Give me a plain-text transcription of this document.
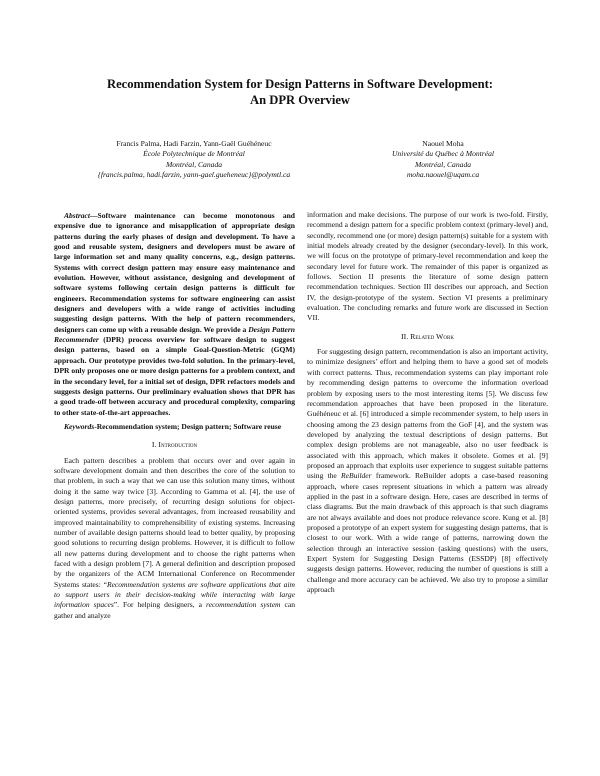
Recommendation System for Design Patterns in Software Development:
An DPR Overview
Francis Palma, Hadi Farzin, Yann-Gaël Guéhéneuc
École Polytechnique de Montréal
Montréal, Canada
{francis.palma, hadi.farzin, yann-gael.gueheneuc}@polymtl.ca
Naouel Moha
Université du Québec à Montréal
Montréal, Canada
moha.naouel@uqam.ca

Abstract—Software maintenance can become monotonous and expensive due to ignorance and misapplication of appropriate design patterns during the early phases of design and development. To have a good and reusable system, designers and developers must be aware of large information set and many quality concerns, e.g., design patterns. Systems with correct design pattern may ensure easy maintenance and evolution. However, without assistance, designing and development of software systems following certain design patterns is difficult for engineers. Recommendation systems for software engineering can assist designers and developers with a wide range of activities including suggesting design patterns. With the help of pattern recommenders, designers can come up with a reusable design. We provide a Design Pattern Recommender (DPR) process overview for software design to suggest design patterns, based on a simple Goal-Question-Metric (GQM) approach. Our prototype provides two-fold solution. In the primary-level, DPR only proposes one or more design patterns for a problem context, and in the secondary level, for a initial set of design, DPR refactors models and suggests design patterns. Our preliminary evaluation shows that DPR has a good trade-off between accuracy and procedural complexity, comparing to other state-of-the-art approaches.

Keywords-Recommendation system; Design pattern; Software reuse

I. Introduction

Each pattern describes a problem that occurs over and over again in software development domain and then describes the core of the solution to that problem, in such a way that we can use this solution many times, without doing it the same way twice [3]. According to Gamma et al. [4], the use of design patterns, more precisely, of recurring design solutions for object-oriented systems, provides several advantages, from increased reusability and improved maintainability to comprehensibility of existing systems. Increasing number of available design patterns should lead to better quality, by proposing good solutions to recurring design problems. However, it is difficult to follow all new patterns during development and to choose the right patterns when faced with a design problem [7]. A general definition and description proposed by the organizers of the ACM International Conference on Recommender Systems states: “Recommendation systems are software applications that aim to support users in their decision-making while interacting with large information spaces”. For helping designers, a recommendation system can gather and analyze

information and make decisions. The purpose of our work is two-fold. Firstly, recommend a design pattern for a specific problem context (primary-level) and, secondly, recommend one (or more) design pattern(s) suitable for a system with initial models already created by the designer (secondary-level). In this work, we will focus on the prototype of primary-level recommendation and keep the secondary level for future work. The remainder of this paper is organized as follows. Section II presents the literature of some design pattern recommendation techniques. Section III describes our approach, and Section IV, the design-prototype of the system. Section VI presents a preliminary evaluation. The concluding remarks and future work are discussed in Section VII.

II. Related Work

For suggesting design pattern, recommendation is also an important activity, to minimize designers’ effort and helping them to have a good set of models with correct patterns. Thus, recommendation systems can play important role by recommending design patterns to overcome the information overload problem by exposing users to the most interesting items [5]. We discuss few recommendation approaches that have been proposed in the literature. Guéhéneuc et al. [6] introduced a simple recommender system, to help users in choosing among the 23 design patterns from the GoF [4], and the system was developed by analyzing the textual descriptions of design patterns. But complex design problems are not manageable, also no user feedback is associated with this approach, which makes it obsolete. Gomes et al. [9] proposed an approach that exploits user experience to suggest suitable patterns using the ReBuilder framework. ReBuilder adopts a case-based reasoning approach, where cases represent situations in which a pattern was already applied in the past in a software design. Here, cases are described in terms of class diagrams. But the main drawback of this approach is that such diagrams are not always available and does not produce relevance score. Kung et al. [8] proposed a prototype of an expert system for suggesting design patterns, that is closest to our work. With a wide range of patterns, narrowing down the selection through an interactive session (asking questions) with the users, Expert System for Suggesting Design Patterns (ESSDP) [8] effectively suggests design patterns. However, reducing the number of questions is still a challenge and more accuracy can be achieved. We also try to propose a similar approach
